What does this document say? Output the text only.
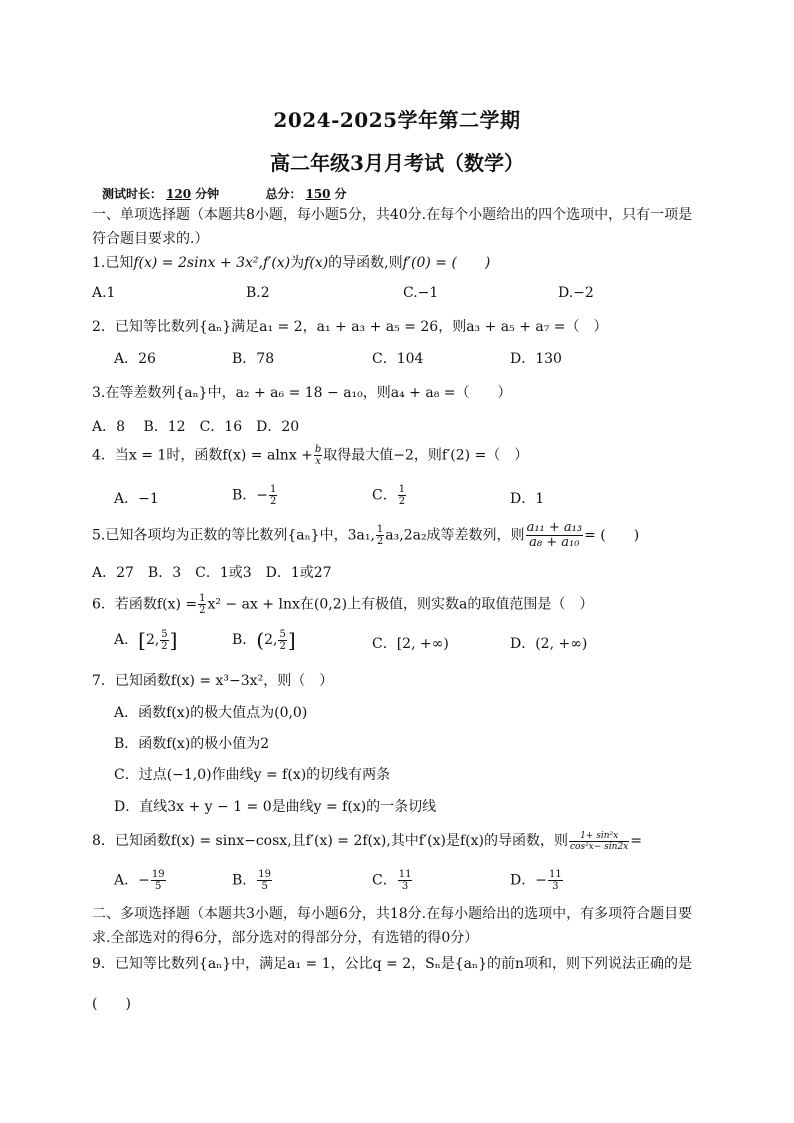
2024-2025学年第二学期
高二年级3月月考试（数学）
测试时长： 120 分钟	总分： 150 分
一、单项选择题（本题共8小题，每小题5分，共40分.在每个小题给出的四个选项中，只有一项是符合题目要求的.）
1.已知f(x) = 2sinx + 3x²,f′(x)为f(x)的导函数,则f′(0) = (　　)
A.1	B.2	C.−1	D.−2
2．已知等比数列{aₙ}满足a₁ = 2，a₁ + a₃ + a₅ = 26，则a₃ + a₅ + a₇ =（　）
A．26	B．78	C．104	D．130
3.在等差数列{aₙ}中，a₂ + a₆ = 18 − a₁₀，则a₄ + a₈ =（　　）
A．8　 B．12　C．16　D．20
4．当x = 1时，函数$f(x) = alnx + \frac{b}{x}$ 取得最大值−2，则f′(2) =（　）
A．−1	B．− $\frac{1}{2}$	C． $\frac{1}{2}$	D．1
5.已知各项均为正数的等比数列{aₙ}中，3a₁, $\frac{1}{2} a_3,2a_2$成等差数列，则 $\frac{\text{a₁₁ + a₁₃}}{\text{a₈ + a₁₀}}$ = (　　)
A．27　B．3　C．1或3　D．1或27
6．若函数$f(x) = \frac{1}{2} x^2$ − ax + lnx在(0,2)上有极值，则实数a的取值范围是（　）
A．[2, $\frac{5}{2}$ ]	B．(2, $\frac{5}{2}$ ]	C．[2, +∞)	D．(2, +∞)
7．已知函数f(x) = x³−3x²，则（　）
A．函数f(x)的极大值点为(0,0)
B．函数f(x)的极小值为2
C．过点(−1,0)作曲线y = f(x)的切线有两条
D．直线3x + y − 1 = 0是曲线y = f(x)的一条切线
8．已知函数f(x) = sinx−cosx,且f′(x) = 2f(x),其中f′(x)是f(x)的导函数，则 $\frac{\text{1+ sin²x}}{\text{cos²x− sin2x}}$ =
A．− $\frac{19}{5}$	B． $\frac{19}{5}$	C． $\frac{11}{3}$	D．− $\frac{11}{3}$
二、多项选择题（本题共3小题，每小题6分，共18分.在每小题给出的选项中，有多项符合题目要求.全部选对的得6分，部分选对的得部分分，有选错的得0分）
9．已知等比数列{aₙ}中，满足a₁ = 1，公比q = 2，Sₙ是{aₙ}的前n项和，则下列说法正确的是
(　　)
